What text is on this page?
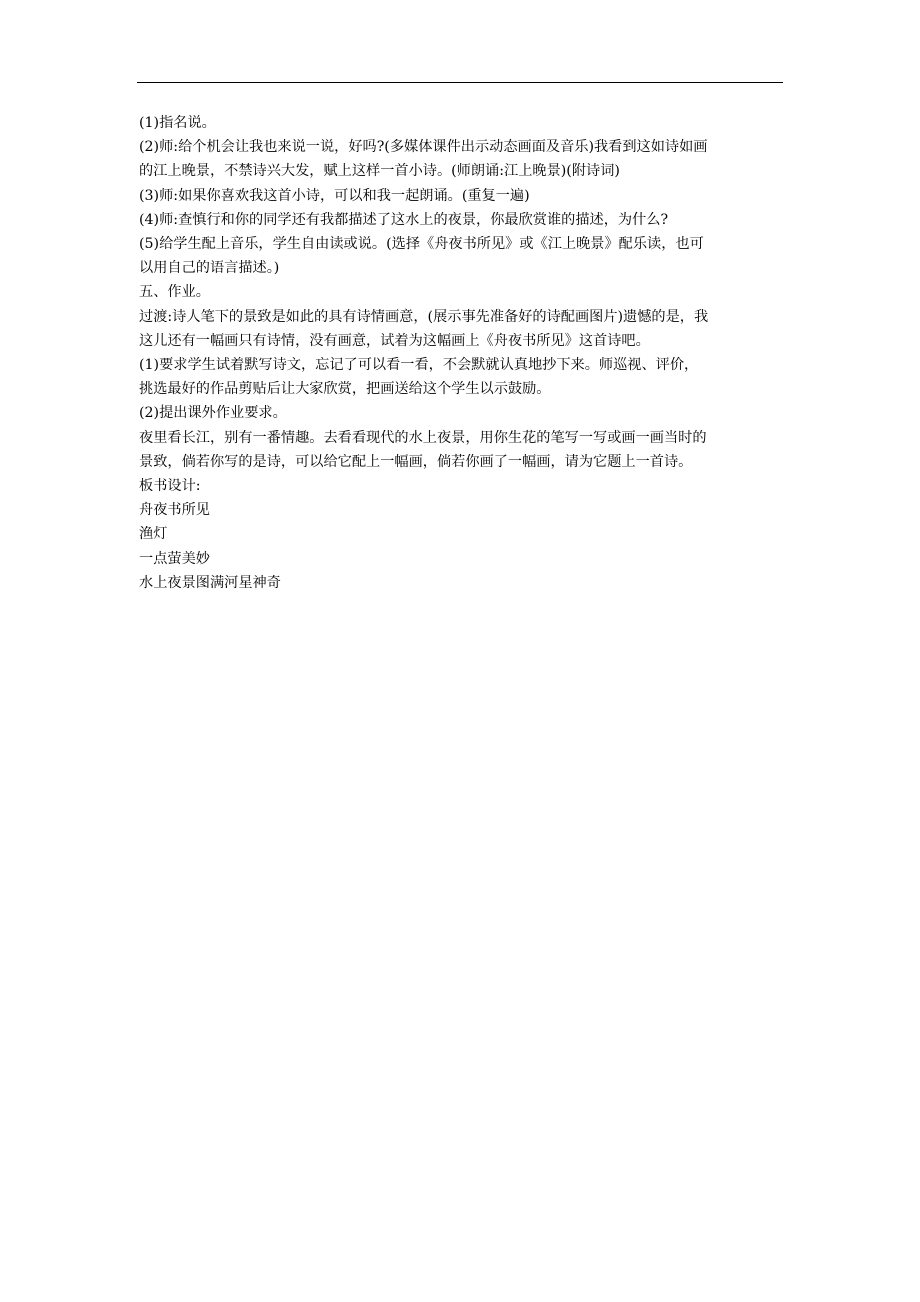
(1)指名说。

(2)师:给个机会让我也来说一说，好吗?(多媒体课件出示动态画面及音乐)我看到这如诗如画

的江上晚景，不禁诗兴大发，赋上这样一首小诗。(师朗诵:江上晚景)(附诗词)

(3)师:如果你喜欢我这首小诗，可以和我一起朗诵。(重复一遍)

(4)师:查慎行和你的同学还有我都描述了这水上的夜景，你最欣赏谁的描述，为什么?

(5)给学生配上音乐，学生自由读或说。(选择《舟夜书所见》或《江上晚景》配乐读，也可

以用自己的语言描述。)

五、作业。

过渡:诗人笔下的景致是如此的具有诗情画意，(展示事先准备好的诗配画图片)遗憾的是，我

这儿还有一幅画只有诗情，没有画意，试着为这幅画上《舟夜书所见》这首诗吧。

(1)要求学生试着默写诗文，忘记了可以看一看，不会默就认真地抄下来。师巡视、评价，

挑选最好的作品剪贴后让大家欣赏，把画送给这个学生以示鼓励。

(2)提出课外作业要求。

夜里看长江，别有一番情趣。去看看现代的水上夜景，用你生花的笔写一写或画一画当时的

景致，倘若你写的是诗，可以给它配上一幅画，倘若你画了一幅画，请为它题上一首诗。

板书设计:

舟夜书所见

渔灯

一点萤美妙

水上夜景图满河星神奇
